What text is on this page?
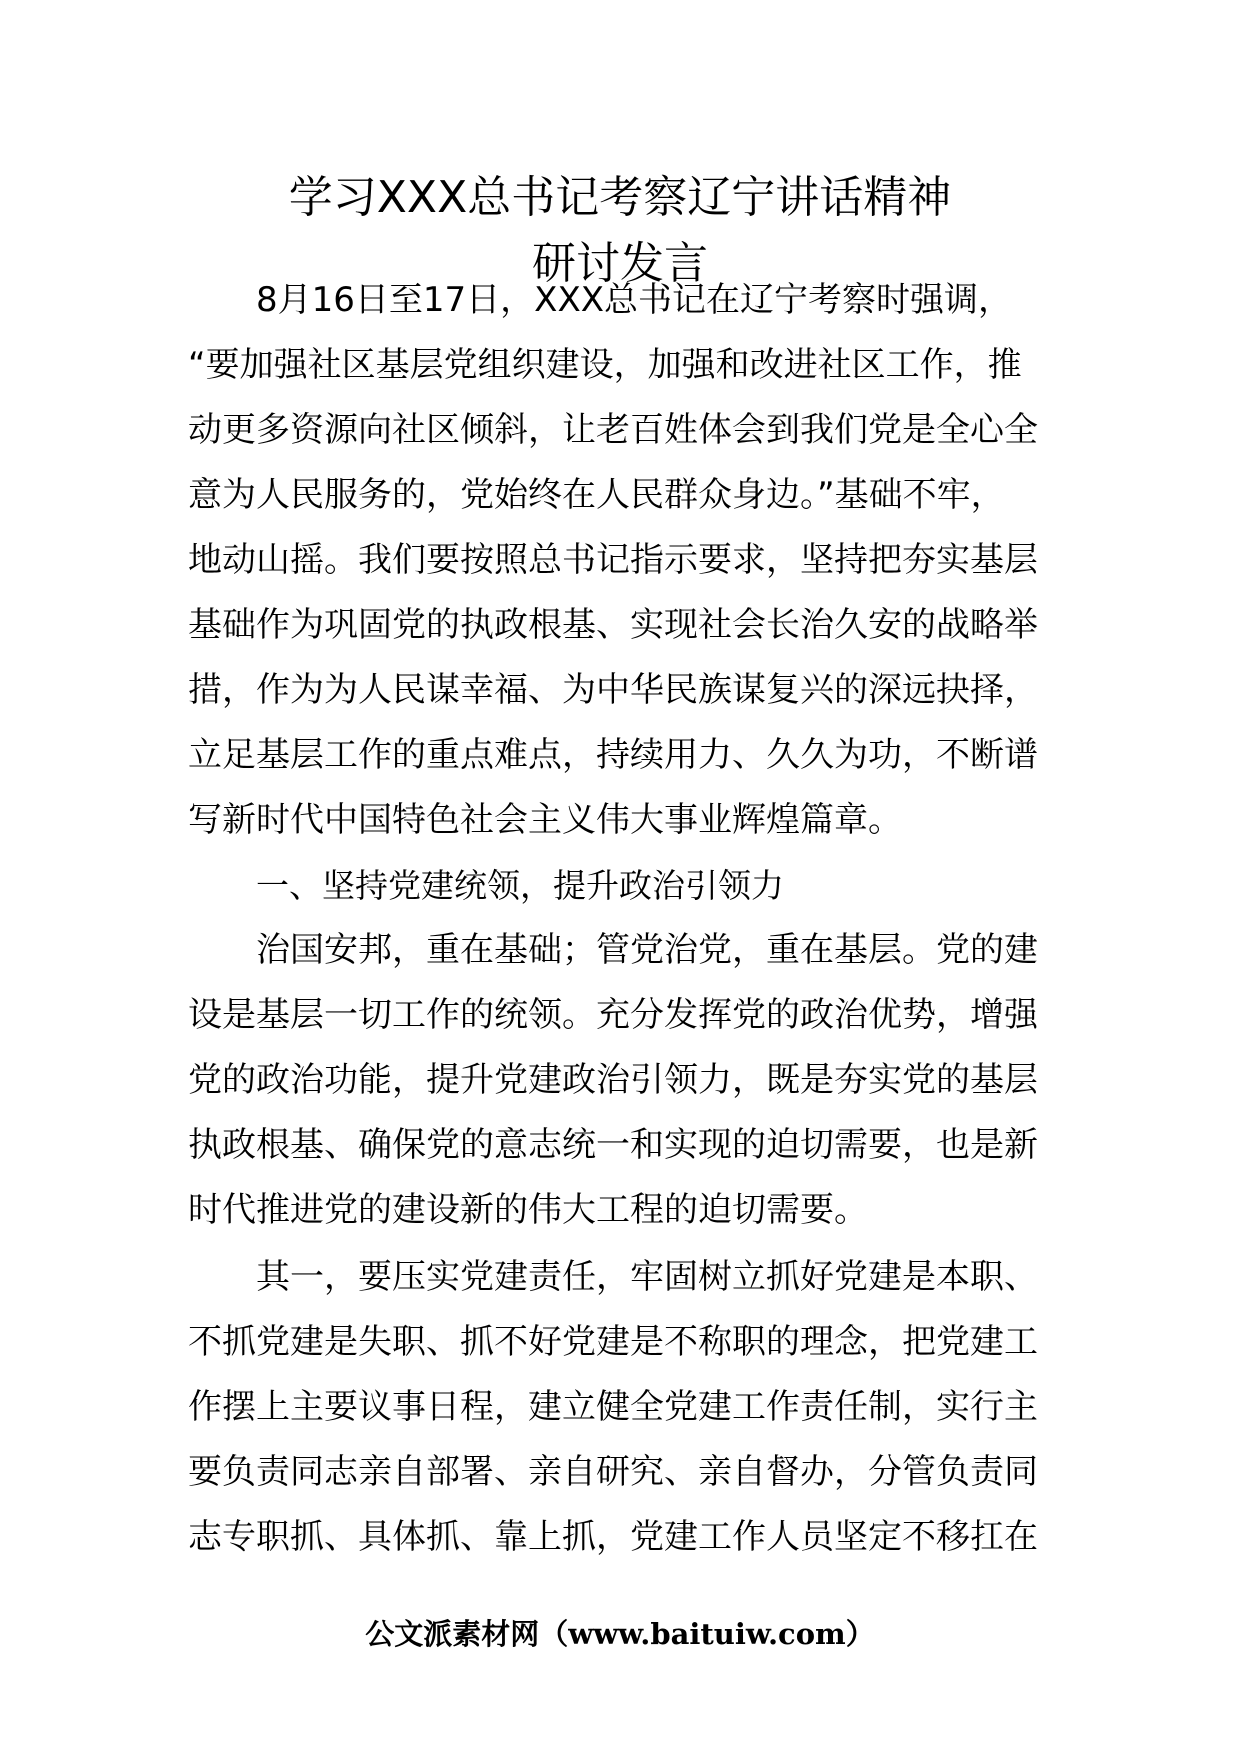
学习XXX总书记考察辽宁讲话精神
研讨发言
8月16日至17日，XXX总书记在辽宁考察时强调，
“要加强社区基层党组织建设，加强和改进社区工作，推
动更多资源向社区倾斜，让老百姓体会到我们党是全心全
意为人民服务的，党始终在人民群众身边。”基础不牢，
地动山摇。我们要按照总书记指示要求，坚持把夯实基层
基础作为巩固党的执政根基、实现社会长治久安的战略举
措，作为为人民谋幸福、为中华民族谋复兴的深远抉择，
立足基层工作的重点难点，持续用力、久久为功，不断谱
写新时代中国特色社会主义伟大事业辉煌篇章。
一、坚持党建统领，提升政治引领力
治国安邦，重在基础；管党治党，重在基层。党的建
设是基层一切工作的统领。充分发挥党的政治优势，增强
党的政治功能，提升党建政治引领力，既是夯实党的基层
执政根基、确保党的意志统一和实现的迫切需要，也是新
时代推进党的建设新的伟大工程的迫切需要。
其一，要压实党建责任，牢固树立抓好党建是本职、
不抓党建是失职、抓不好党建是不称职的理念，把党建工
作摆上主要议事日程，建立健全党建工作责任制，实行主
要负责同志亲自部署、亲自研究、亲自督办，分管负责同
志专职抓、具体抓、靠上抓，党建工作人员坚定不移扛在
公文派素材网（www.baituiw.com）
